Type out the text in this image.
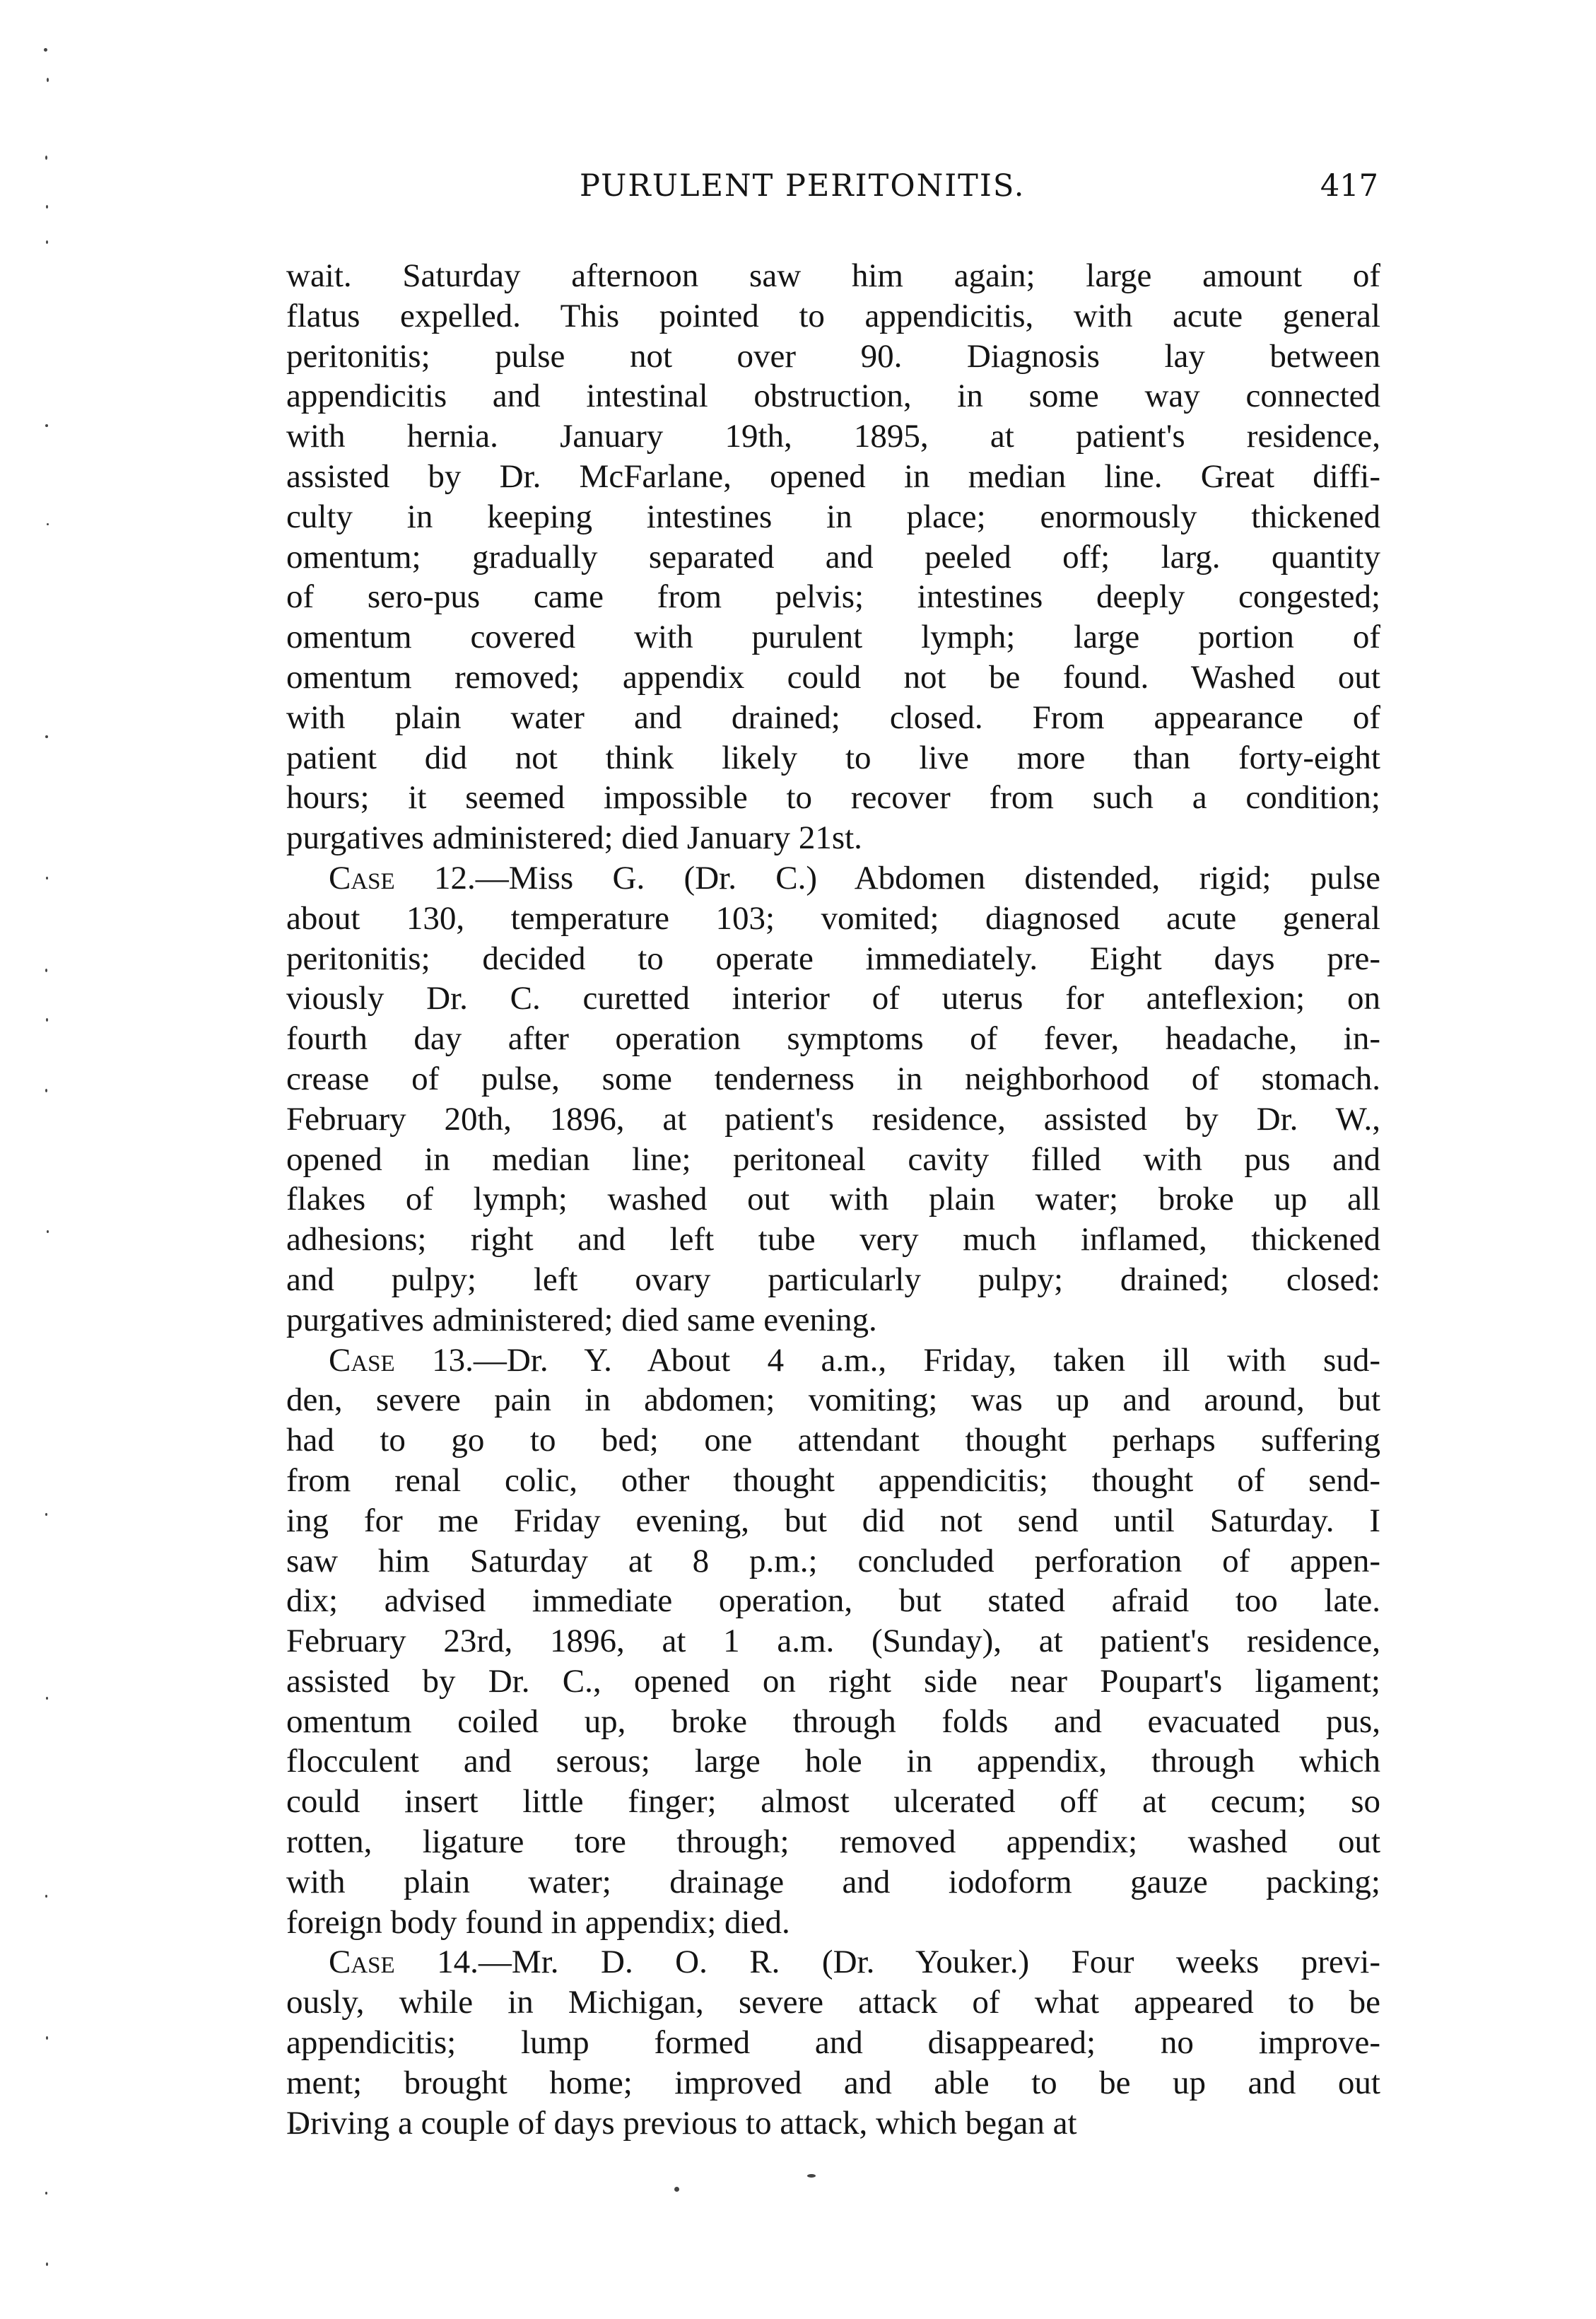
PURULENT PERITONITIS.	417
wait. Saturday afternoon saw him again; large amount of
flatus expelled. This pointed to appendicitis, with acute general
peritonitis; pulse not over 90. Diagnosis lay between
appendicitis and intestinal obstruction, in some way connected
with hernia. January 19th, 1895, at patient's residence,
assisted by Dr. McFarlane, opened in median line. Great diffi-
culty in keeping intestines in place; enormously thickened
omentum; gradually separated and peeled off; larg. quantity
of sero-pus came from pelvis; intestines deeply congested;
omentum covered with purulent lymph; large portion of
omentum removed; appendix could not be found. Washed out
with plain water and drained; closed. From appearance of
patient did not think likely to live more than forty-eight
hours; it seemed impossible to recover from such a condition;
purgatives administered; died January 21st.
Case 12.—Miss G. (Dr. C.) Abdomen distended, rigid; pulse
about 130, temperature 103; vomited; diagnosed acute general
peritonitis; decided to operate immediately. Eight days pre-
viously Dr. C. curetted interior of uterus for anteflexion; on
fourth day after operation symptoms of fever, headache, in-
crease of pulse, some tenderness in neighborhood of stomach.
February 20th, 1896, at patient's residence, assisted by Dr. W.,
opened in median line; peritoneal cavity filled with pus and
flakes of lymph; washed out with plain water; broke up all
adhesions; right and left tube very much inflamed, thickened
and pulpy; left ovary particularly pulpy; drained; closed:
purgatives administered; died same evening.
Case 13.—Dr. Y. About 4 a.m., Friday, taken ill with sud-
den, severe pain in abdomen; vomiting; was up and around, but
had to go to bed; one attendant thought perhaps suffering
from renal colic, other thought appendicitis; thought of send-
ing for me Friday evening, but did not send until Saturday. I
saw him Saturday at 8 p.m.; concluded perforation of appen-
dix; advised immediate operation, but stated afraid too late.
February 23rd, 1896, at 1 a.m. (Sunday), at patient's residence,
assisted by Dr. C., opened on right side near Poupart's ligament;
omentum coiled up, broke through folds and evacuated pus,
flocculent and serous; large hole in appendix, through which
could insert little finger; almost ulcerated off at cecum; so
rotten, ligature tore through; removed appendix; washed out
with plain water; drainage and iodoform gauze packing;
foreign body found in appendix; died.
Case 14.—Mr. D. O. R. (Dr. Youker.) Four weeks previ-
ously, while in Michigan, severe attack of what appeared to be
appendicitis; lump formed and disappeared; no improve-
ment; brought home; improved and able to be up and out
Driving a couple of days previous to attack, which began at
